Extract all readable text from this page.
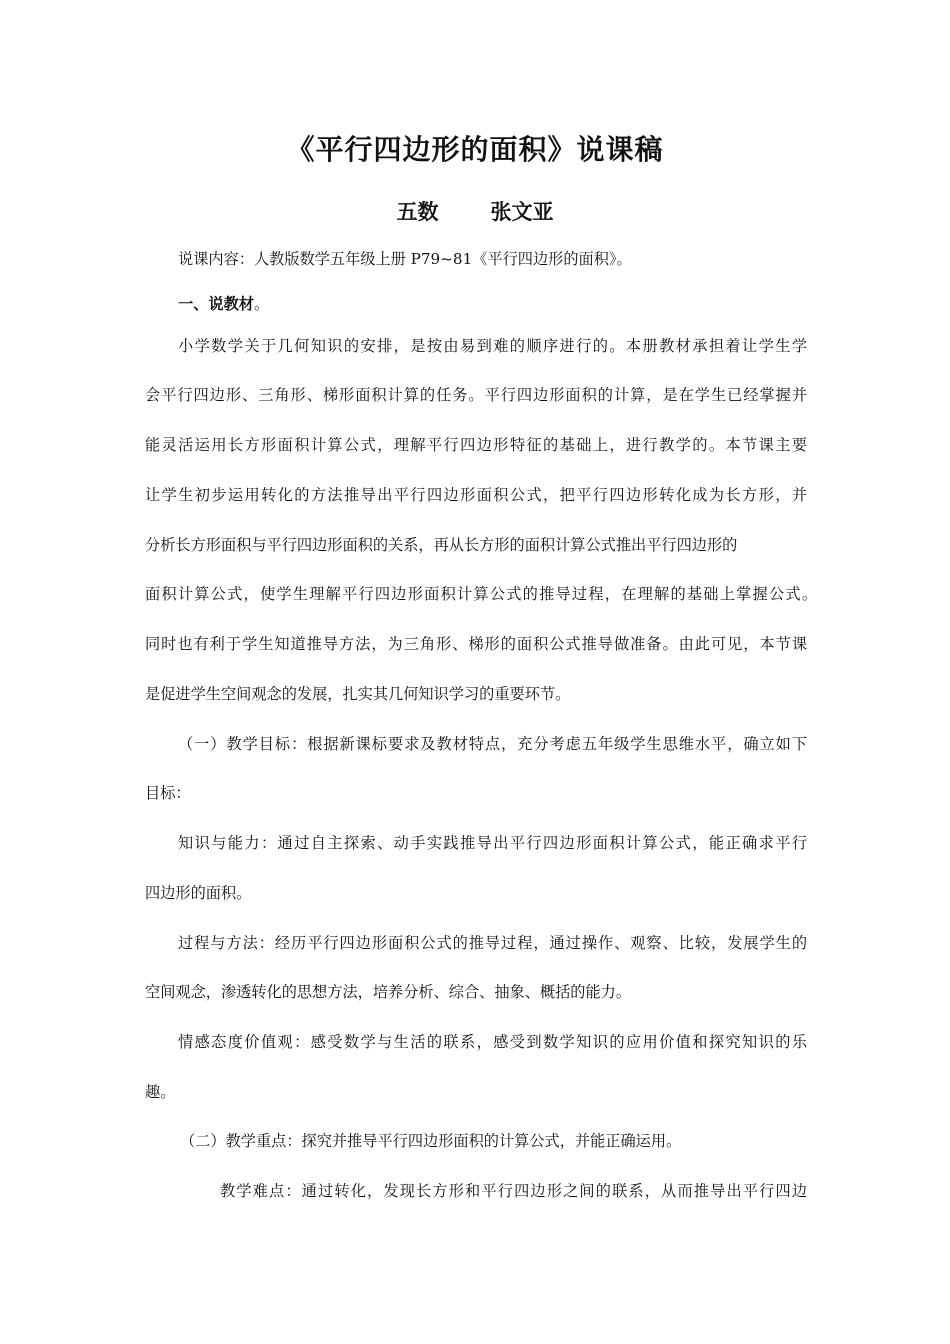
《平行四边形的面积》说课稿
五数 张文亚
说课内容：人教版数学五年级上册 P79~81《平行四边形的面积》。
一、说教材。
小学数学关于几何知识的安排，是按由易到难的顺序进行的。本册教材承担着让学生学
会平行四边形、三角形、梯形面积计算的任务。平行四边形面积的计算，是在学生已经掌握并
能灵活运用长方形面积计算公式，理解平行四边形特征的基础上，进行教学的。本节课主要
让学生初步运用转化的方法推导出平行四边形面积公式，把平行四边形转化成为长方形，并
分析长方形面积与平行四边形面积的关系，再从长方形的面积计算公式推出平行四边形的
面积计算公式，使学生理解平行四边形面积计算公式的推导过程，在理解的基础上掌握公式。
同时也有利于学生知道推导方法，为三角形、梯形的面积公式推导做准备。由此可见，本节课
是促进学生空间观念的发展，扎实其几何知识学习的重要环节。
（一）教学目标：根据新课标要求及教材特点，充分考虑五年级学生思维水平，确立如下
目标：
知识与能力：通过自主探索、动手实践推导出平行四边形面积计算公式，能正确求平行
四边形的面积。
过程与方法：经历平行四边形面积公式的推导过程，通过操作、观察、比较，发展学生的
空间观念，渗透转化的思想方法，培养分析、综合、抽象、概括的能力。
情感态度价值观：感受数学与生活的联系，感受到数学知识的应用价值和探究知识的乐
趣。
（二）教学重点：探究并推导平行四边形面积的计算公式，并能正确运用。
教学难点：通过转化，发现长方形和平行四边形之间的联系，从而推导出平行四边
